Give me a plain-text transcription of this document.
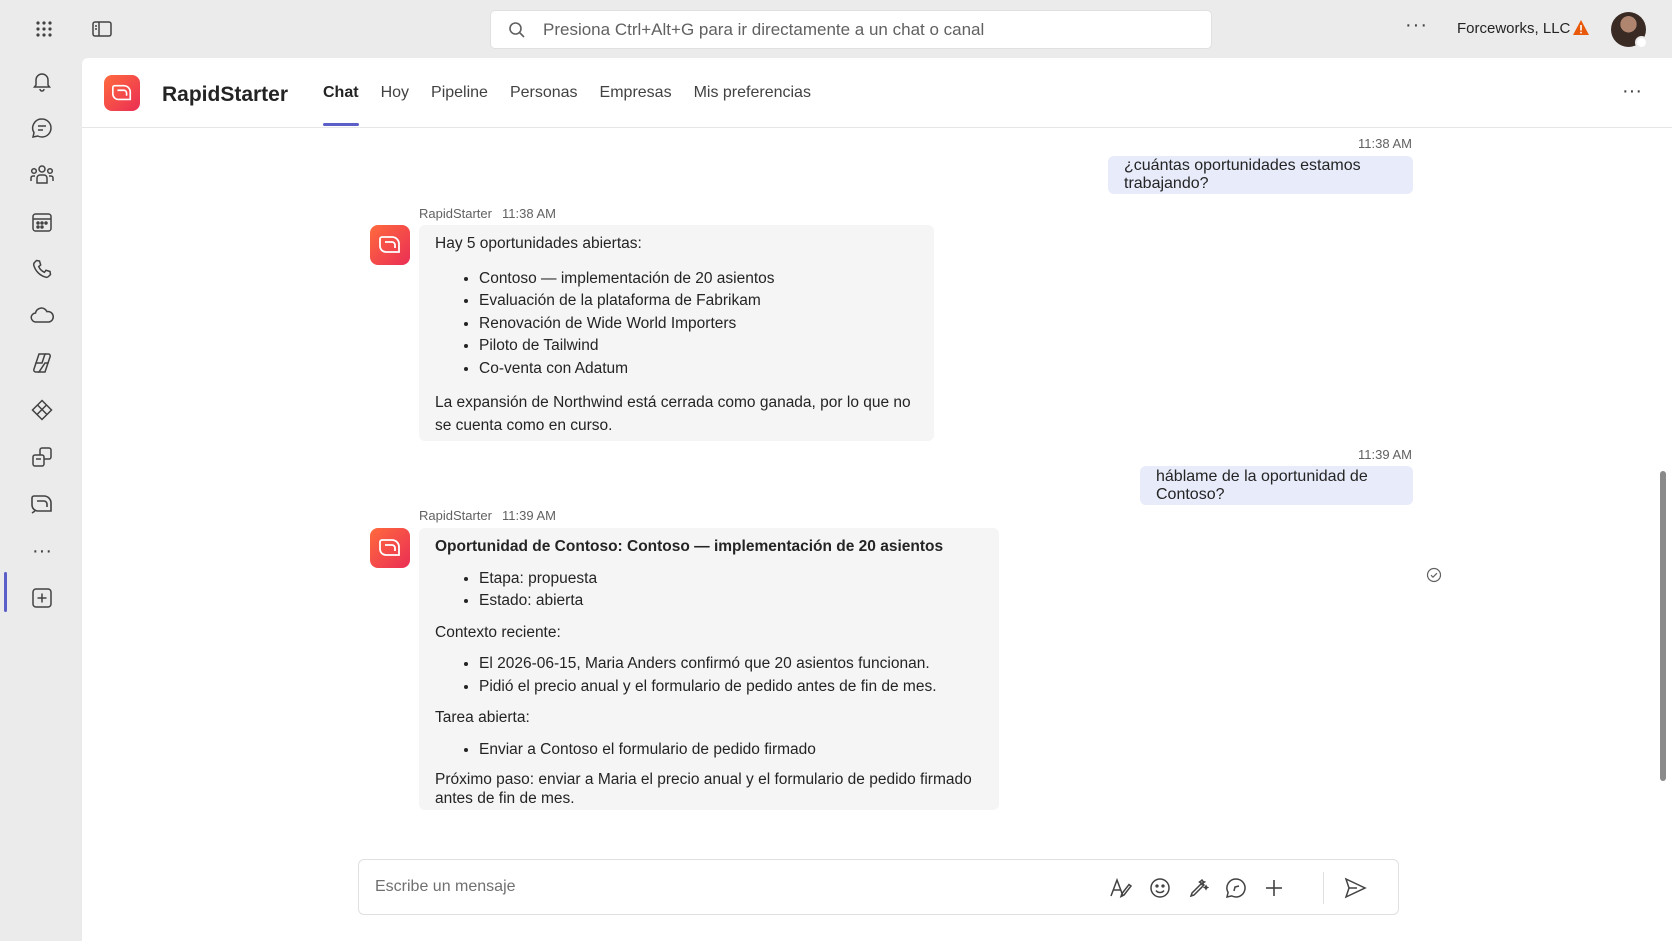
Presiona Ctrl+Alt+G para ir directamente a un chat o canal
··· Forceworks, LLC
···
RapidStarter	Chat	Hoy	Pipeline	Personas	Empresas	Mis preferencias	···
11:38 AM
¿cuántas oportunidades estamos trabajando?
RapidStarter 11:38 AM

Hay 5 oportunidades abiertas:

• Contoso — implementación de 20 asientos
• Evaluación de la plataforma de Fabrikam
• Renovación de Wide World Importers
• Piloto de Tailwind
• Co-venta con Adatum

La expansión de Northwind está cerrada como ganada, por lo que no se cuenta como en curso.

11:39 AM
háblame de la oportunidad de Contoso?
RapidStarter 11:39 AM

Oportunidad de Contoso: Contoso — implementación de 20 asientos

• Etapa: propuesta
• Estado: abierta

Contexto reciente:

• El 2026-06-15, Maria Anders confirmó que 20 asientos funcionan.
• Pidió el precio anual y el formulario de pedido antes de fin de mes.

Tarea abierta:

• Enviar a Contoso el formulario de pedido firmado

Próximo paso: enviar a Maria el precio anual y el formulario de pedido firmado antes de fin de mes.

Escribe un mensaje
